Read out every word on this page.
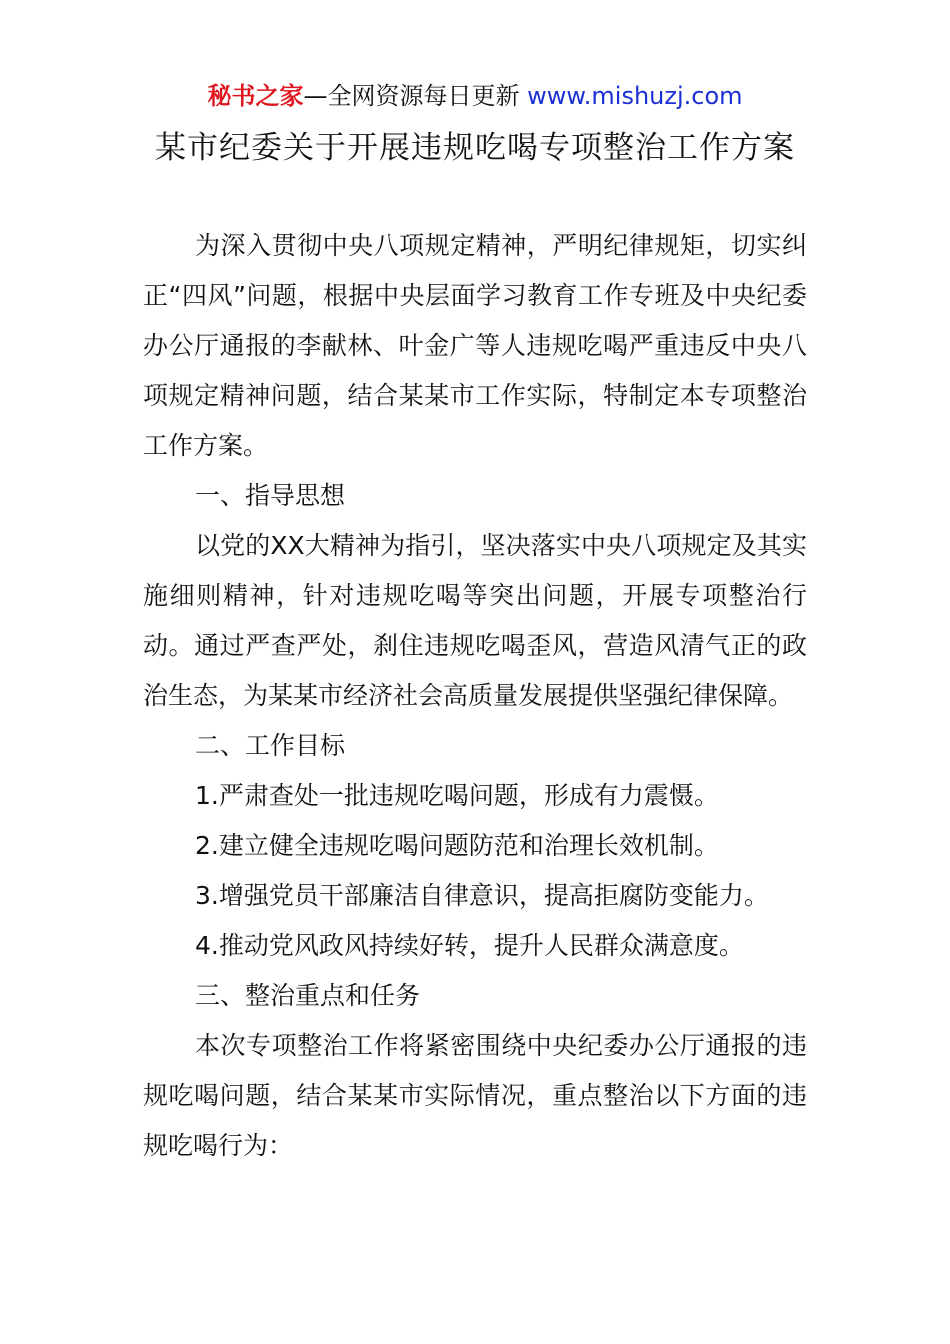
秘书之家—全网资源每日更新 www.mishuzj.com
某市纪委关于开展违规吃喝专项整治工作方案

为深入贯彻中央八项规定精神，严明纪律规矩，切实纠正“四风”问题，根据中央层面学习教育工作专班及中央纪委办公厅通报的李献林、叶金广等人违规吃喝严重违反中央八项规定精神问题，结合某某市工作实际，特制定本专项整治工作方案。

一、指导思想

以党的XX大精神为指引，坚决落实中央八项规定及其实施细则精神，针对违规吃喝等突出问题，开展专项整治行动。通过严查严处，刹住违规吃喝歪风，营造风清气正的政治生态，为某某市经济社会高质量发展提供坚强纪律保障。

二、工作目标

1.严肃查处一批违规吃喝问题，形成有力震慑。

2.建立健全违规吃喝问题防范和治理长效机制。

3.增强党员干部廉洁自律意识，提高拒腐防变能力。

4.推动党风政风持续好转，提升人民群众满意度。

三、整治重点和任务

本次专项整治工作将紧密围绕中央纪委办公厅通报的违规吃喝问题，结合某某市实际情况，重点整治以下方面的违规吃喝行为：
